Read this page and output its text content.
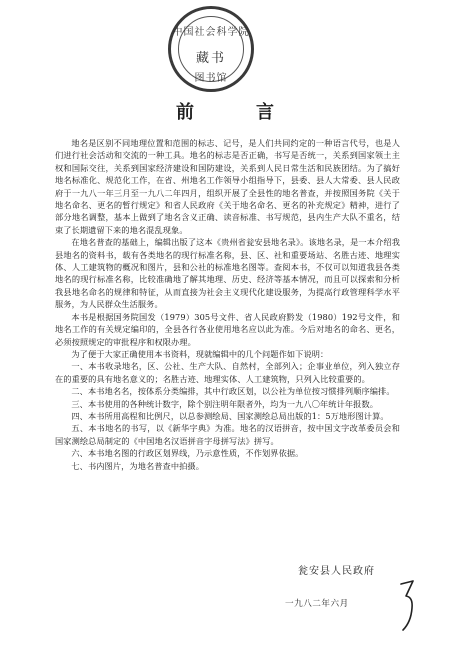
中国社会科学院
藏书
图书馆
前　言

地名是区别不同地理位置和范围的标志、记号，是人们共同约定的一种语言代号，也是人们进行社会活动和交流的一种工具。地名的标志是否正确，书写是否统一，关系到国家领土主权和国际交往，关系到国家经济建设和国防建设，关系到人民日常生活和民族团结。为了搞好地名标准化、规范化工作，在省、州地名工作领导小组指导下，县委、县人大常委、县人民政府于一九八一年三月至一九八二年四月，组织开展了全县性的地名普查，并按照国务院《关于地名命名、更名的暂行规定》和省人民政府《关于地名命名、更名的补充规定》精神，进行了部分地名调整，基本上做到了地名含义正确、读音标准、书写规范，县内生产大队不重名，结束了长期遗留下来的地名混乱现象。

在地名普查的基础上，编辑出版了这本《贵州省瓮安县地名录》。该地名录，是一本介绍我县地名的资料书，载有各类地名的现行标准名称，县、区、社和重要场站、名胜古迹、地理实体、人工建筑物的概况和图片，县和公社的标准地名图等。查阅本书，不仅可以知道我县各类地名的现行标准名称，比较准确地了解其地理、历史、经济等基本情况，而且可以探索和分析我县地名命名的规律和特征，从而直接为社会主义现代化建设服务，为提高行政管理科学水平服务，为人民群众生活服务。

本书是根据国务院国发（1979）305号文件、省人民政府黔发（1980）192号文件，和地名工作的有关规定编印的，全县各行各业使用地名应以此为准。今后对地名的命名、更名，必须按照规定的审批程序和权限办理。

为了便于大家正确使用本书资料，现就编辑中的几个问题作如下说明：

一、本书收录地名，区、公社、生产大队、自然村，全部列入；企事业单位，列入独立存在的重要的具有地名意义的；名胜古迹、地理实体、人工建筑物，只列入比较重要的。

二、本书地名名，按体系分类编排，其中行政区划，以公社为单位按习惯排列顺序编排。

三、本书使用的各种统计数字，除个别注明年限者外，均为一九八〇年统计年报数。

四、本书所用高程和比例尺，以总参测绘局、国家测绘总局出版的1：5万地形图计算。

五、本书地名的书写，以《新华字典》为准。地名的汉语拼音，按中国文字改革委员会和国家测绘总局制定的《中国地名汉语拼音字母拼写法》拼写。

六、本书地名图的行政区划界线，乃示意性质，不作划界依据。

七、书内图片，为地名普查中拍摄。

瓮安县人民政府
一九八二年六月
